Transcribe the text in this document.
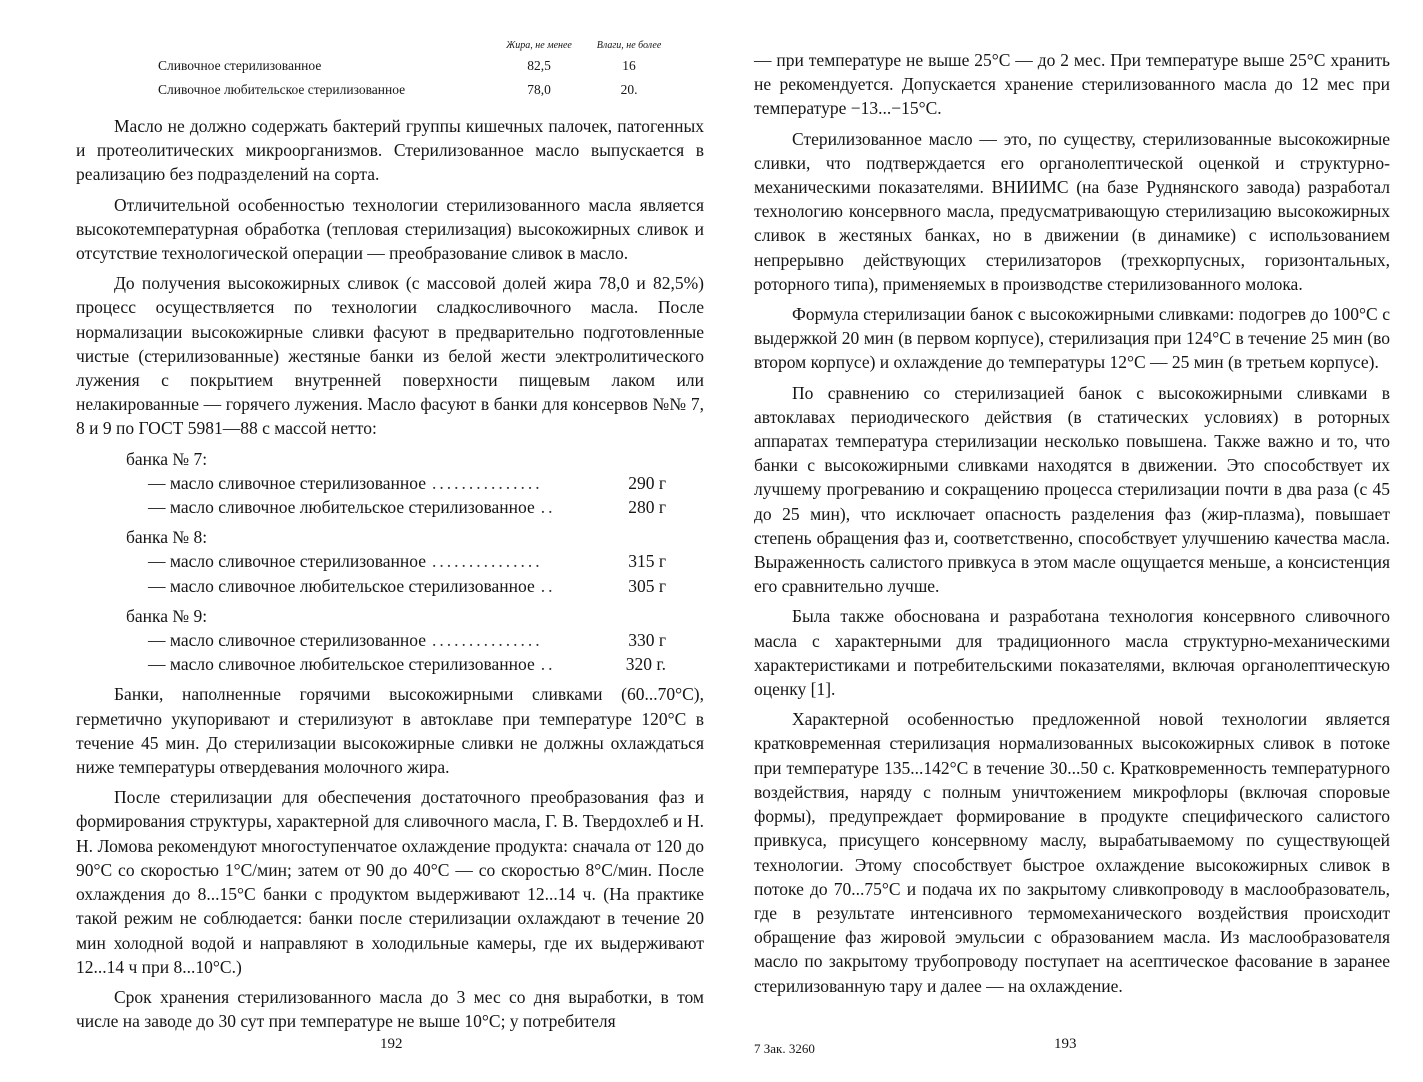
	Жира, не менее	Влаги, не более
Сливочное стерилизованное	82,5	16
Сливочное любительское стерилизованное	78,0	20.

Масло не должно содержать бактерий группы кишечных палочек, патогенных и протеолитических микроорганизмов. Стерилизованное масло выпускается в реализацию без подразделений на сорта.

Отличительной особенностью технологии стерилизованного масла является высокотемпературная обработка (тепловая стерилизация) высокожирных сливок и отсутствие технологической операции — преобразование сливок в масло.

До получения высокожирных сливок (с массовой долей жира 78,0 и 82,5%) процесс осуществляется по технологии сладкосливочного масла. После нормализации высокожирные сливки фасуют в предварительно подготовленные чистые (стерилизованные) жестяные банки из белой жести электролитического лужения с покрытием внутренней поверхности пищевым лаком или нелакированные — горячего лужения. Масло фасуют в банки для консервов №№ 7, 8 и 9 по ГОСТ 5981—88 с массой нетто:

банка № 7:
— масло сливочное стерилизованное ...............	290 г
— масло сливочное любительское стерилизованное ..	280 г
банка № 8:
— масло сливочное стерилизованное ...............	315 г
— масло сливочное любительское стерилизованное ..	305 г
банка № 9:
— масло сливочное стерилизованное ...............	330 г
— масло сливочное любительское стерилизованное ..	320 г.

Банки, наполненные горячими высокожирными сливками (60...70°С), герметично укупоривают и стерилизуют в автоклаве при температуре 120°С в течение 45 мин. До стерилизации высокожирные сливки не должны охлаждаться ниже температуры отвердевания молочного жира.

После стерилизации для обеспечения достаточного преобразования фаз и формирования структуры, характерной для сливочного масла, Г. В. Твердохлеб и Н. Н. Ломова рекомендуют многоступенчатое охлаждение продукта: сначала от 120 до 90°С со скоростью 1°С/мин; затем от 90 до 40°С — со скоростью 8°С/мин. После охлаждения до 8...15°С банки с продуктом выдерживают 12...14 ч. (На практике такой режим не соблюдается: банки после стерилизации охлаждают в течение 20 мин холодной водой и направляют в холодильные камеры, где их выдерживают 12...14 ч при 8...10°С.)

Срок хранения стерилизованного масла до 3 мес со дня выработки, в том числе на заводе до 30 сут при температуре не выше 10°С; у потребителя

192

— при температуре не выше 25°С — до 2 мес. При температуре выше 25°С хранить не рекомендуется. Допускается хранение стерилизованного масла до 12 мес при температуре −13...−15°С.

Стерилизованное масло — это, по существу, стерилизованные высокожирные сливки, что подтверждается его органолептической оценкой и структурно-механическими показателями. ВНИИМС (на базе Руднянского завода) разработал технологию консервного масла, предусматривающую стерилизацию высокожирных сливок в жестяных банках, но в движении (в динамике) с использованием непрерывно действующих стерилизаторов (трехкорпусных, горизонтальных, роторного типа), применяемых в производстве стерилизованного молока.

Формула стерилизации банок с высокожирными сливками: подогрев до 100°С с выдержкой 20 мин (в первом корпусе), стерилизация при 124°С в течение 25 мин (во втором корпусе) и охлаждение до температуры 12°С — 25 мин (в третьем корпусе).

По сравнению со стерилизацией банок с высокожирными сливками в автоклавах периодического действия (в статических условиях) в роторных аппаратах температура стерилизации несколько повышена. Также важно и то, что банки с высокожирными сливками находятся в движении. Это способствует их лучшему прогреванию и сокращению процесса стерилизации почти в два раза (с 45 до 25 мин), что исключает опасность разделения фаз (жир-плазма), повышает степень обращения фаз и, соответственно, способствует улучшению качества масла. Выраженность салистого привкуса в этом масле ощущается меньше, а консистенция его сравнительно лучше.

Была также обоснована и разработана технология консервного сливочного масла с характерными для традиционного масла структурно-механическими характеристиками и потребительскими показателями, включая органолептическую оценку [1].

Характерной особенностью предложенной новой технологии является кратковременная стерилизация нормализованных высокожирных сливок в потоке при температуре 135...142°С в течение 30...50 с. Кратковременность температурного воздействия, наряду с полным уничтожением микрофлоры (включая споровые формы), предупреждает формирование в продукте специфического салистого привкуса, присущего консервному маслу, вырабатываемому по существующей технологии. Этому способствует быстрое охлаждение высокожирных сливок в потоке до 70...75°С и подача их по закрытому сливкопроводу в маслообразователь, где в результате интенсивного термомеханического воздействия происходит обращение фаз жировой эмульсии с образованием масла. Из маслообразователя масло по закрытому трубопроводу поступает на асептическое фасование в заранее стерилизованную тару и далее — на охлаждение.

7 Зак. 3260	193
